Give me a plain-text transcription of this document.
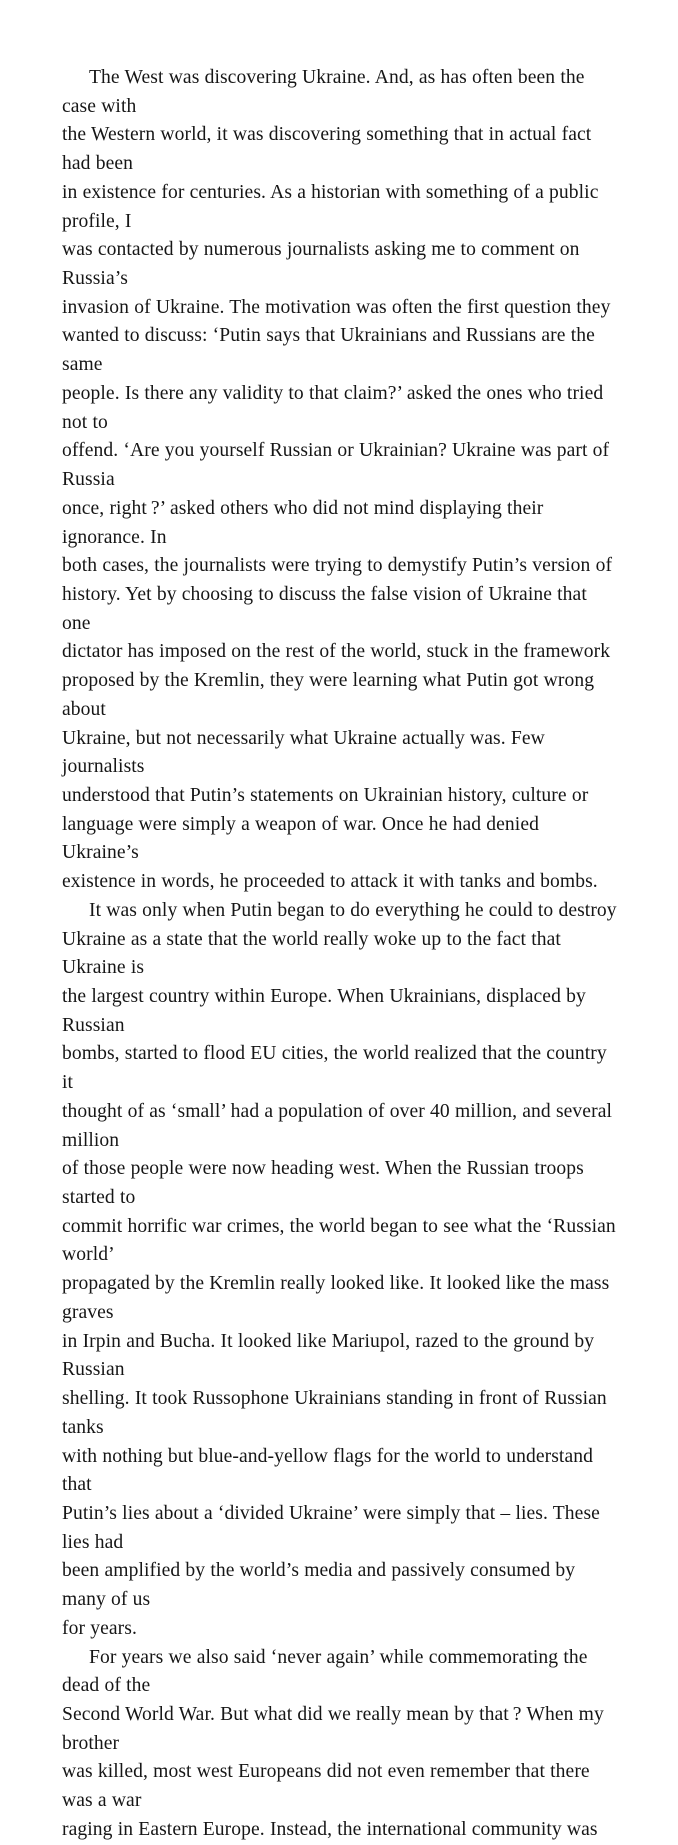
The West was discovering Ukraine. And, as has often been the case with
the Western world, it was discovering something that in actual fact had been
in existence for centuries. As a historian with something of a public profile, I
was contacted by numerous journalists asking me to comment on Russia’s
invasion of Ukraine. The motivation was often the first question they
wanted to discuss: ‘Putin says that Ukrainians and Russians are the same
people. Is there any validity to that claim?’ asked the ones who tried not to
offend. ‘Are you yourself Russian or Ukrainian? Ukraine was part of Russia
once, right ?’ asked others who did not mind displaying their ignorance. In
both cases, the journalists were trying to demystify Putin’s version of
history. Yet by choosing to discuss the false vision of Ukraine that one
dictator has imposed on the rest of the world, stuck in the framework
proposed by the Kremlin, they were learning what Putin got wrong about
Ukraine, but not necessarily what Ukraine actually was. Few journalists
understood that Putin’s statements on Ukrainian history, culture or
language were simply a weapon of war. Once he had denied Ukraine’s
existence in words, he proceeded to attack it with tanks and bombs.

It was only when Putin began to do everything he could to destroy
Ukraine as a state that the world really woke up to the fact that Ukraine is
the largest country within Europe. When Ukrainians, displaced by Russian
bombs, started to flood EU cities, the world realized that the country it
thought of as ‘small’ had a population of over 40 million, and several million
of those people were now heading west. When the Russian troops started to
commit horrific war crimes, the world began to see what the ‘Russian world’
propagated by the Kremlin really looked like. It looked like the mass graves
in Irpin and Bucha. It looked like Mariupol, razed to the ground by Russian
shelling. It took Russophone Ukrainians standing in front of Russian tanks
with nothing but blue-and-yellow flags for the world to understand that
Putin’s lies about a ‘divided Ukraine’ were simply that – lies. These lies had
been amplified by the world’s media and passively consumed by many of us
for years.

For years we also said ‘never again’ while commemorating the dead of the
Second World War. But what did we really mean by that ? When my brother
was killed, most west Europeans did not even remember that there was a war
raging in Eastern Europe. Instead, the international community was
